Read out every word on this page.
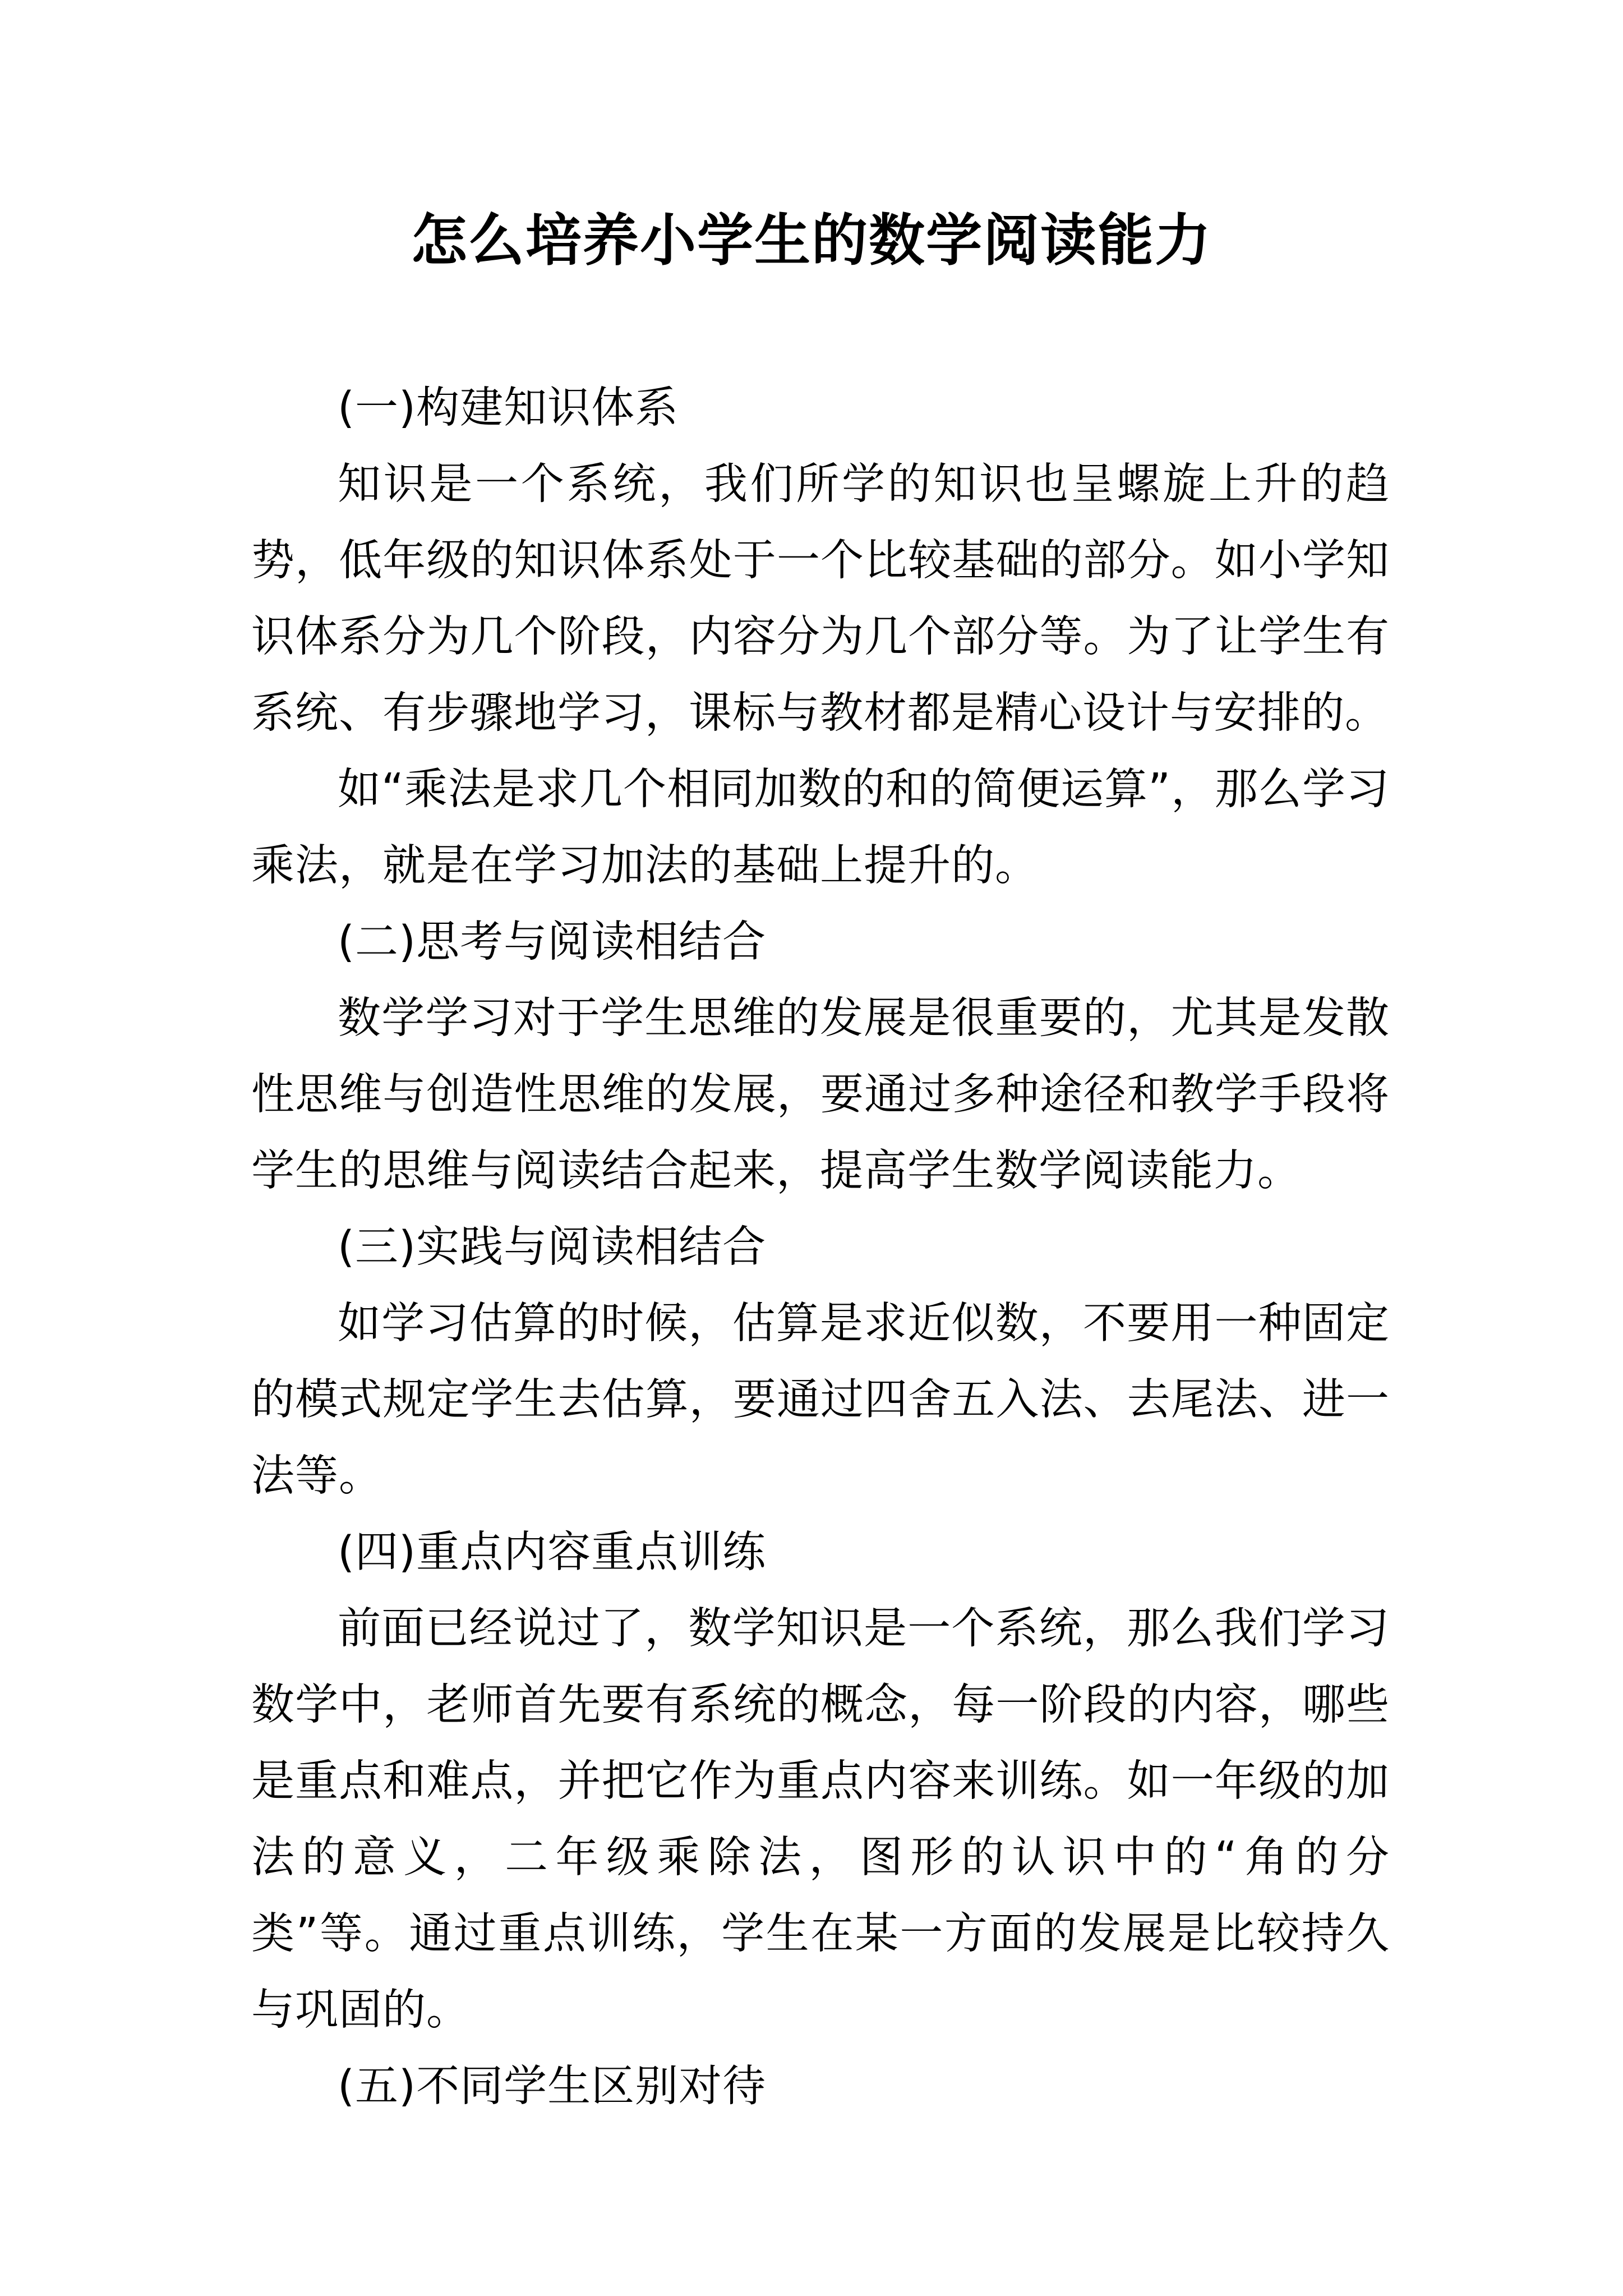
怎么培养小学生的数学阅读能力

(一)构建知识体系

知识是一个系统，我们所学的知识也呈螺旋上升的趋势，低年级的知识体系处于一个比较基础的部分。如小学知识体系分为几个阶段，内容分为几个部分等。为了让学生有系统、有步骤地学习，课标与教材都是精心设计与安排的。

如“乘法是求几个相同加数的和的简便运算”，那么学习乘法，就是在学习加法的基础上提升的。

(二)思考与阅读相结合

数学学习对于学生思维的发展是很重要的，尤其是发散性思维与创造性思维的发展，要通过多种途径和教学手段将学生的思维与阅读结合起来，提高学生数学阅读能力。

(三)实践与阅读相结合

如学习估算的时候，估算是求近似数，不要用一种固定的模式规定学生去估算，要通过四舍五入法、去尾法、进一法等。

(四)重点内容重点训练

前面已经说过了，数学知识是一个系统，那么我们学习数学中，老师首先要有系统的概念，每一阶段的内容，哪些是重点和难点，并把它作为重点内容来训练。如一年级的加法的意义，二年级乘除法，图形的认识中的“角的分类”等。通过重点训练，学生在某一方面的发展是比较持久与巩固的。

(五)不同学生区别对待
